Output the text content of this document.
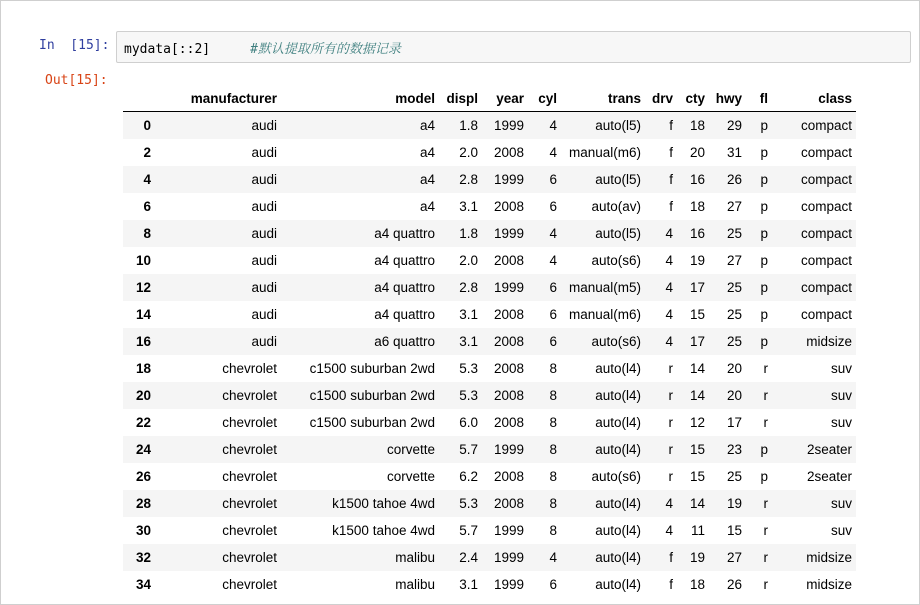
In  [15]:	mydata[::2]	#默认提取所有的数据记录
Out[15]:
	manufacturer	model	displ	year	cyl	trans	drv	cty	hwy	fl	class
0	audi	a4	1.8	1999	4	auto(l5)	f	18	29	p	compact
2	audi	a4	2.0	2008	4	manual(m6)	f	20	31	p	compact
4	audi	a4	2.8	1999	6	auto(l5)	f	16	26	p	compact
6	audi	a4	3.1	2008	6	auto(av)	f	18	27	p	compact
8	audi	a4 quattro	1.8	1999	4	auto(l5)	4	16	25	p	compact
10	audi	a4 quattro	2.0	2008	4	auto(s6)	4	19	27	p	compact
12	audi	a4 quattro	2.8	1999	6	manual(m5)	4	17	25	p	compact
14	audi	a4 quattro	3.1	2008	6	manual(m6)	4	15	25	p	compact
16	audi	a6 quattro	3.1	2008	6	auto(s6)	4	17	25	p	midsize
18	chevrolet	c1500 suburban 2wd	5.3	2008	8	auto(l4)	r	14	20	r	suv
20	chevrolet	c1500 suburban 2wd	5.3	2008	8	auto(l4)	r	14	20	r	suv
22	chevrolet	c1500 suburban 2wd	6.0	2008	8	auto(l4)	r	12	17	r	suv
24	chevrolet	corvette	5.7	1999	8	auto(l4)	r	15	23	p	2seater
26	chevrolet	corvette	6.2	2008	8	auto(s6)	r	15	25	p	2seater
28	chevrolet	k1500 tahoe 4wd	5.3	2008	8	auto(l4)	4	14	19	r	suv
30	chevrolet	k1500 tahoe 4wd	5.7	1999	8	auto(l4)	4	11	15	r	suv
32	chevrolet	malibu	2.4	1999	4	auto(l4)	f	19	27	r	midsize
34	chevrolet	malibu	3.1	1999	6	auto(l4)	f	18	26	r	midsize
